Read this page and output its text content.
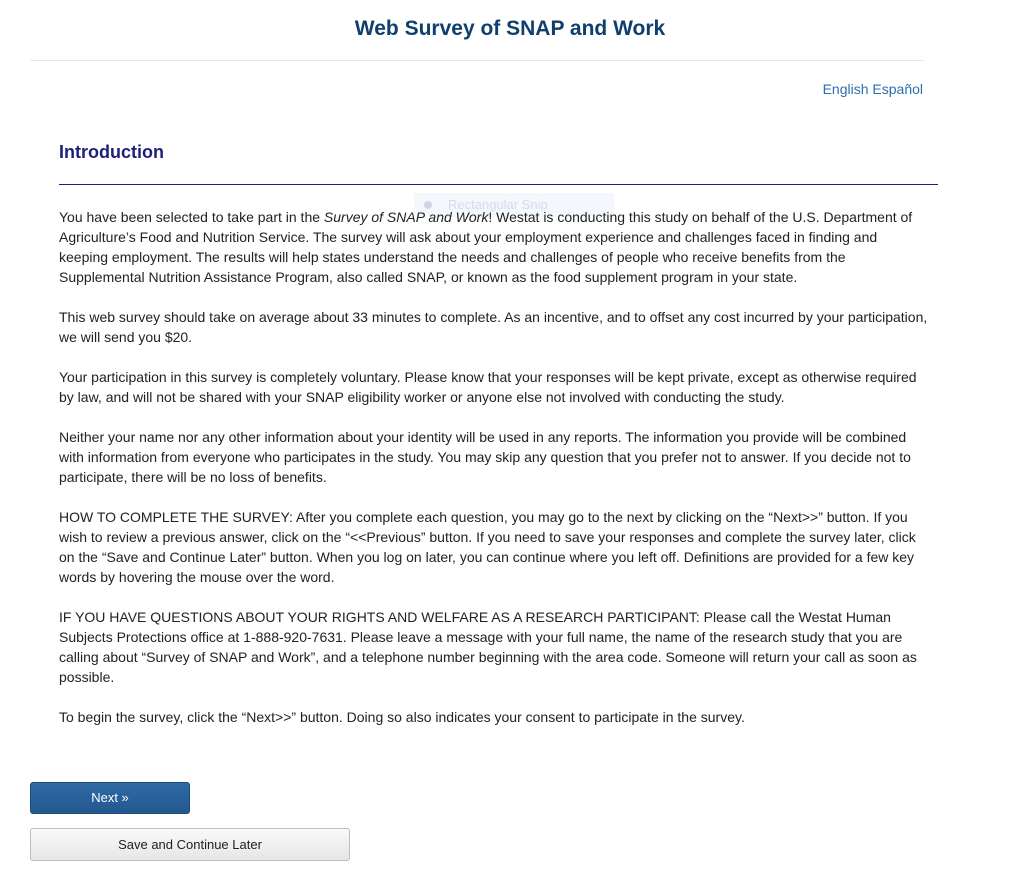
Web Survey of SNAP and Work
English Español
Introduction
Rectangular Snip

You have been selected to take part in the Survey of SNAP and Work! Westat is conducting this study on behalf of the U.S. Department of Agriculture’s Food and Nutrition Service. The survey will ask about your employment experience and challenges faced in finding and keeping employment. The results will help states understand the needs and challenges of people who receive benefits from the Supplemental Nutrition Assistance Program, also called SNAP, or known as the food supplement program in your state.

This web survey should take on average about 33 minutes to complete. As an incentive, and to offset any cost incurred by your participation, we will send you $20.

Your participation in this survey is completely voluntary. Please know that your responses will be kept private, except as otherwise required by law, and will not be shared with your SNAP eligibility worker or anyone else not involved with conducting the study.

Neither your name nor any other information about your identity will be used in any reports. The information you provide will be combined with information from everyone who participates in the study. You may skip any question that you prefer not to answer. If you decide not to participate, there will be no loss of benefits.

HOW TO COMPLETE THE SURVEY: After you complete each question, you may go to the next by clicking on the “Next>>” button. If you wish to review a previous answer, click on the “<<Previous” button. If you need to save your responses and complete the survey later, click on the “Save and Continue Later” button. When you log on later, you can continue where you left off. Definitions are provided for a few key words by hovering the mouse over the word.

IF YOU HAVE QUESTIONS ABOUT YOUR RIGHTS AND WELFARE AS A RESEARCH PARTICIPANT: Please call the Westat Human Subjects Protections office at 1-888-920-7631. Please leave a message with your full name, the name of the research study that you are calling about “Survey of SNAP and Work”, and a telephone number beginning with the area code. Someone will return your call as soon as possible.

To begin the survey, click the “Next>>” button. Doing so also indicates your consent to participate in the survey.

Next »
Save and Continue Later
